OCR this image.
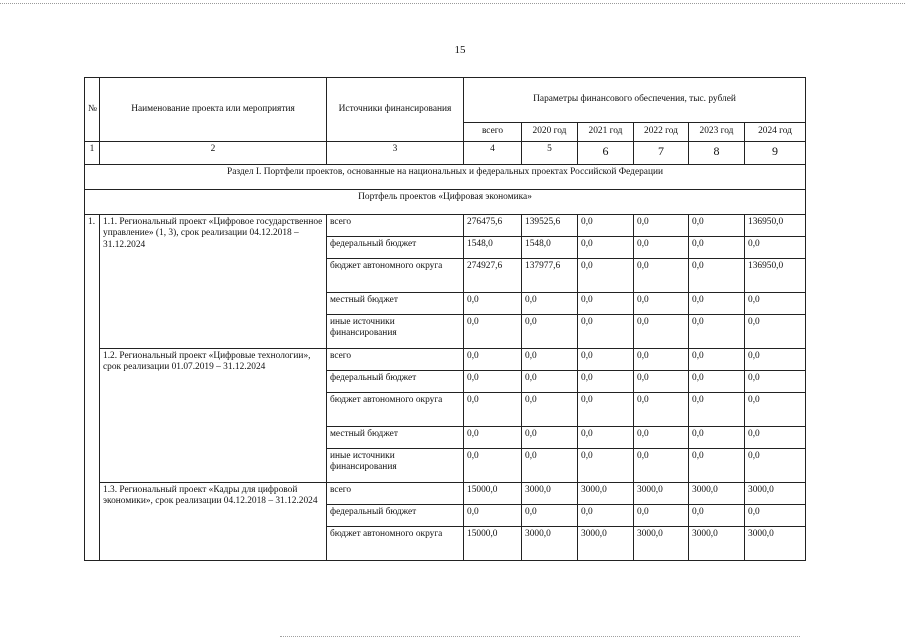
15
№	Наименование проекта или мероприятия	Источники финансирования	Параметры финансового обеспечения, тыс. рублей					
			всего	2020 год	2021 год	2022 год	2023 год	2024 год
1	2	3	4	5	6	7	8	9
Раздел I. Портфели проектов, основанные на национальных и федеральных проектах Российской Федерации								
Портфель проектов «Цифровая экономика»								
1.	1.1. Региональный проект «Цифровое государственное управление» (1, 3), срок реализации 04.12.2018 – 31.12.2024	всего	276475,6	139525,6	0,0	0,0	0,0	136950,0
		федеральный бюджет	1548,0	1548,0	0,0	0,0	0,0	0,0
		бюджет автономного округа	274927,6	137977,6	0,0	0,0	0,0	136950,0
		местный бюджет	0,0	0,0	0,0	0,0	0,0	0,0
		иные источники финансирования	0,0	0,0	0,0	0,0	0,0	0,0
	1.2. Региональный проект «Цифровые технологии», срок реализации 01.07.2019 – 31.12.2024	всего	0,0	0,0	0,0	0,0	0,0	0,0
		федеральный бюджет	0,0	0,0	0,0	0,0	0,0	0,0
		бюджет автономного округа	0,0	0,0	0,0	0,0	0,0	0,0
		местный бюджет	0,0	0,0	0,0	0,0	0,0	0,0
		иные источники финансирования	0,0	0,0	0,0	0,0	0,0	0,0
	1.3. Региональный проект «Кадры для цифровой экономики», срок реализации 04.12.2018 – 31.12.2024	всего	15000,0	3000,0	3000,0	3000,0	3000,0	3000,0
		федеральный бюджет	0,0	0,0	0,0	0,0	0,0	0,0
		бюджет автономного округа	15000,0	3000,0	3000,0	3000,0	3000,0	3000,0
